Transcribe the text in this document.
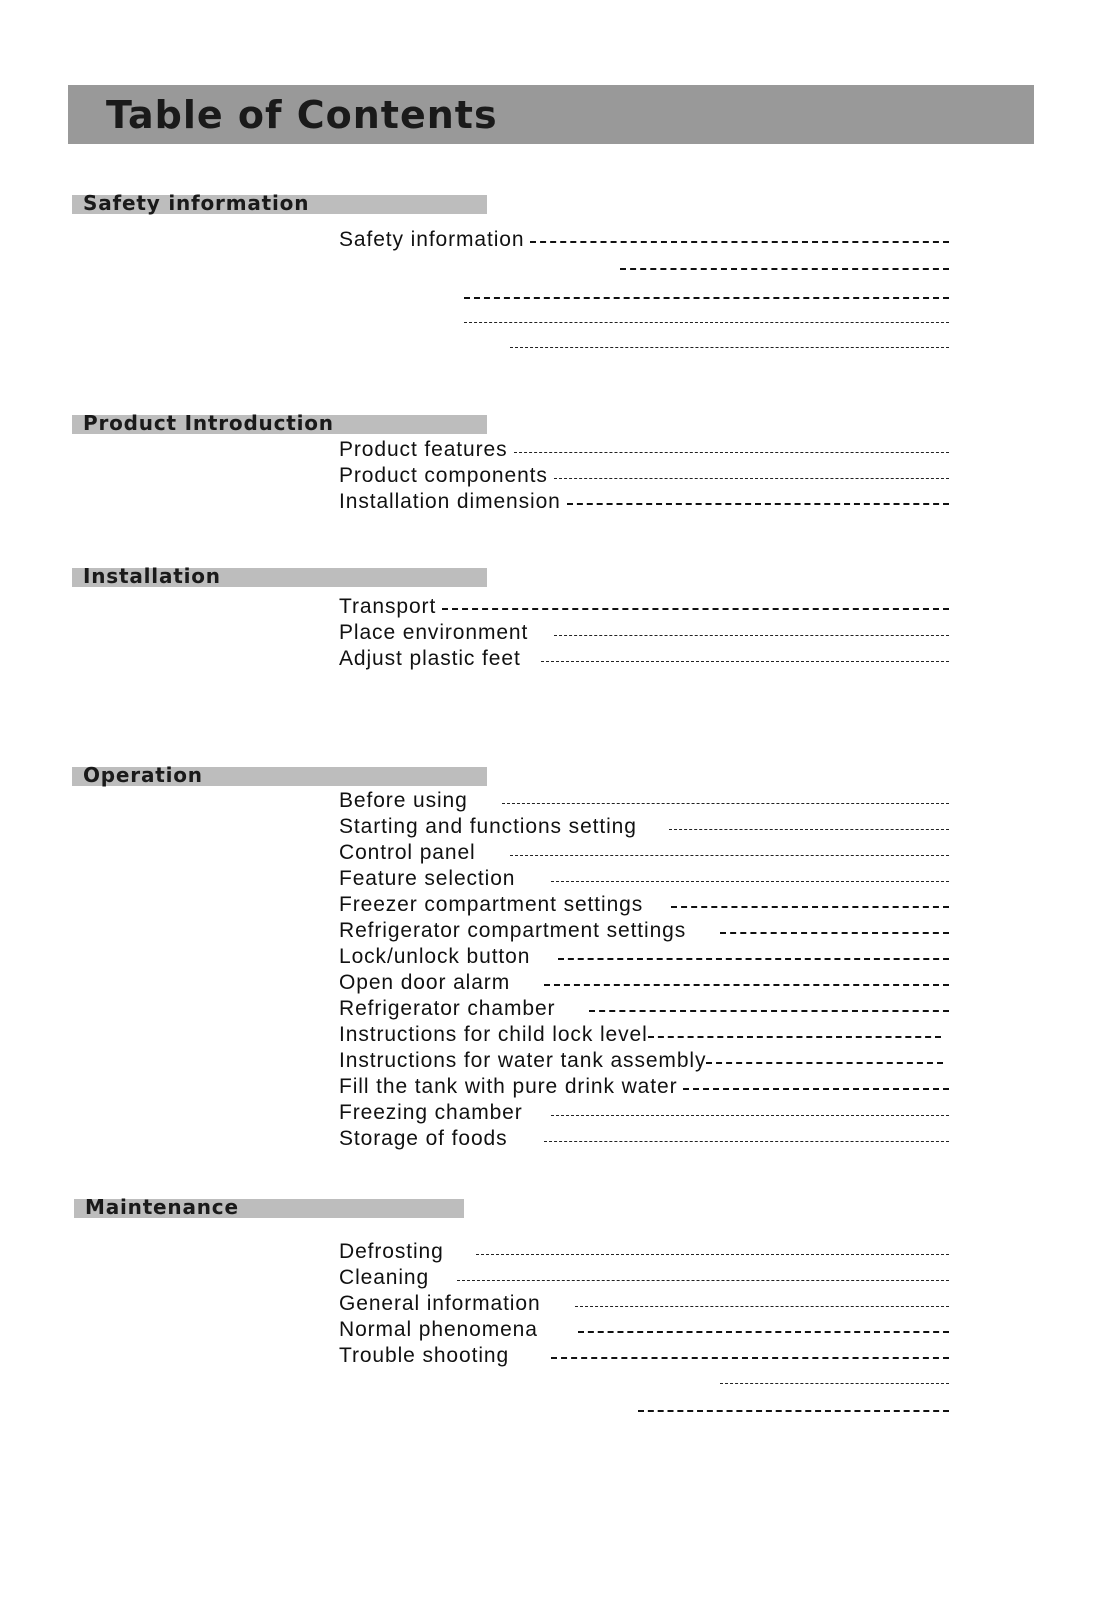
Table of Contents
Safety information
Safety information
Product Introduction
Product features
Product components
Installation dimension
Installation
Transport
Place environment
Adjust plastic feet
Operation
Before using
Starting and functions setting
Control panel
Feature selection
Freezer compartment settings
Refrigerator compartment settings
Lock/unlock button
Open door alarm
Refrigerator chamber
Instructions for child lock level
Instructions for water tank assembly
Fill the tank with pure drink water
Freezing chamber
Storage of foods
Maintenance
Defrosting
Cleaning
General information
Normal phenomena
Trouble shooting
